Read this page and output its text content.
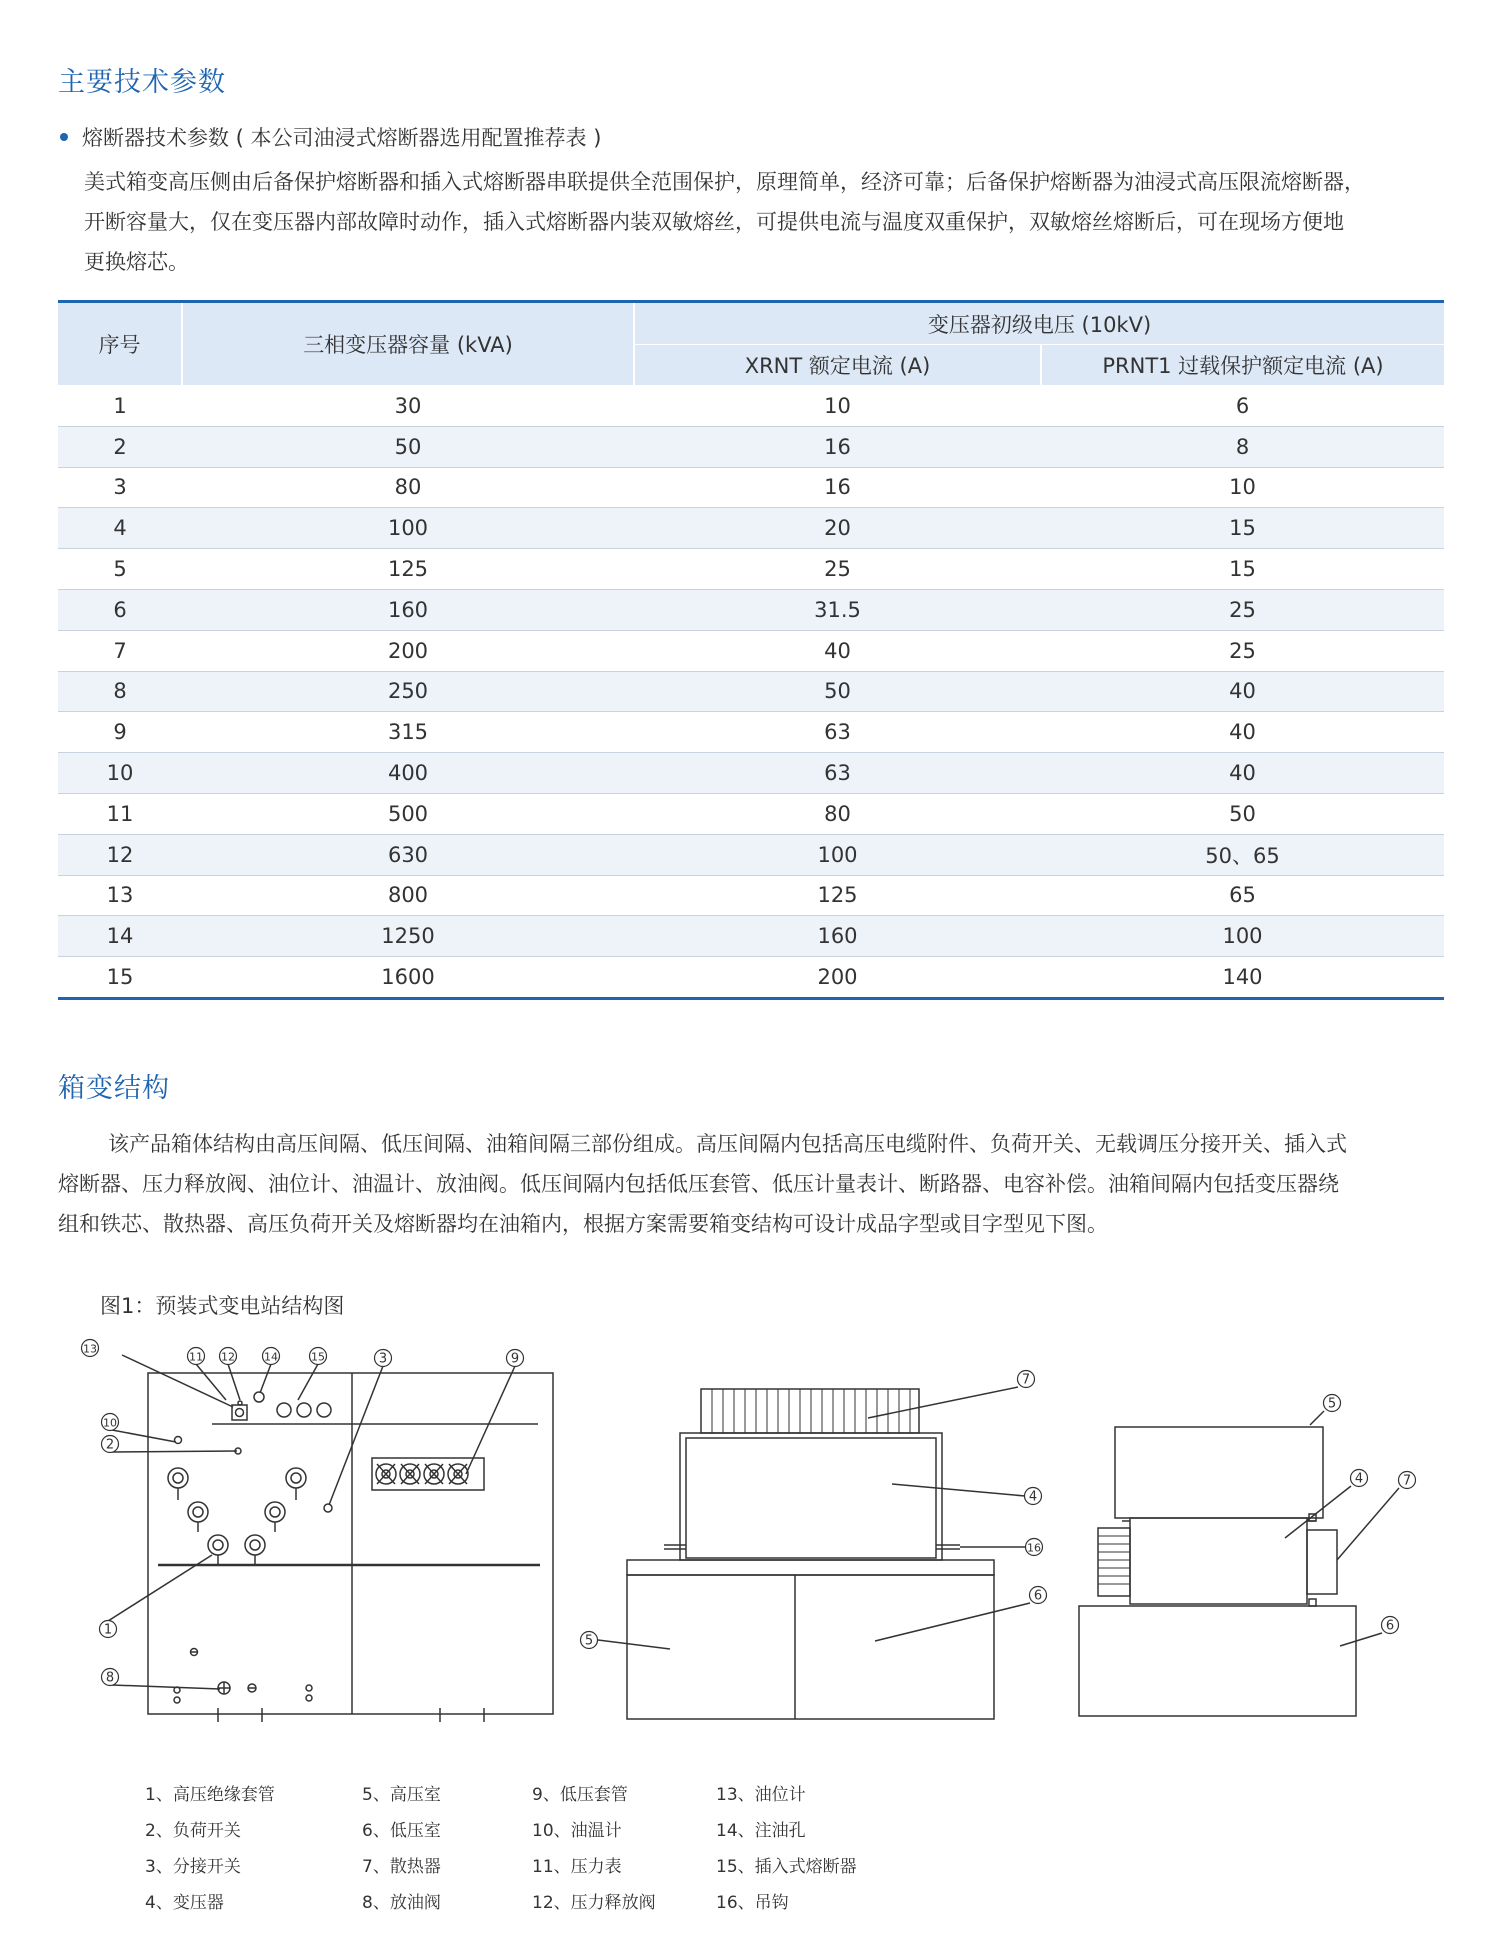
主要技术参数
熔断器技术参数 ( 本公司油浸式熔断器选用配置推荐表 )
美式箱变高压侧由后备保护熔断器和插入式熔断器串联提供全范围保护，原理简单，经济可靠；后备保护熔断器为油浸式高压限流熔断器，
开断容量大，仅在变压器内部故障时动作，插入式熔断器内装双敏熔丝，可提供电流与温度双重保护，双敏熔丝熔断后，可在现场方便地
更换熔芯。
序号	三相变压器容量 (kVA)	变压器初级电压 (10kV)	
		XRNT 额定电流 (A)	PRNT1 过载保护额定电流 (A)
1	30	10	6
2	50	16	8
3	80	16	10
4	100	20	15
5	125	25	15
6	160	31.5	25
7	200	40	25
8	250	50	40
9	315	63	40
10	400	63	40
11	500	80	50
12	630	100	50、65
13	800	125	65
14	1250	160	100
15	1600	200	140
箱变结构
该产品箱体结构由高压间隔、低压间隔、油箱间隔三部份组成。高压间隔内包括高压电缆附件、负荷开关、无载调压分接开关、插入式
熔断器、压力释放阀、油位计、油温计、放油阀。低压间隔内包括低压套管、低压计量表计、断路器、电容补偿。油箱间隔内包括变压器绕
组和铁芯、散热器、高压负荷开关及熔断器均在油箱内，根据方案需要箱变结构可设计成品字型或目字型见下图。
图1：预装式变电站结构图
1
2
3
4
4
5
5
6
6
7
7
8
9
10
11 12
13
14	15
16
1、高压绝缘套管
2、负荷开关
3、分接开关
4、变压器
5、高压室
6、低压室
7、散热器
8、放油阀
9、低压套管
10、油温计
11、压力表
12、压力释放阀
13、油位计
14、注油孔
15、插入式熔断器
16、吊钩
